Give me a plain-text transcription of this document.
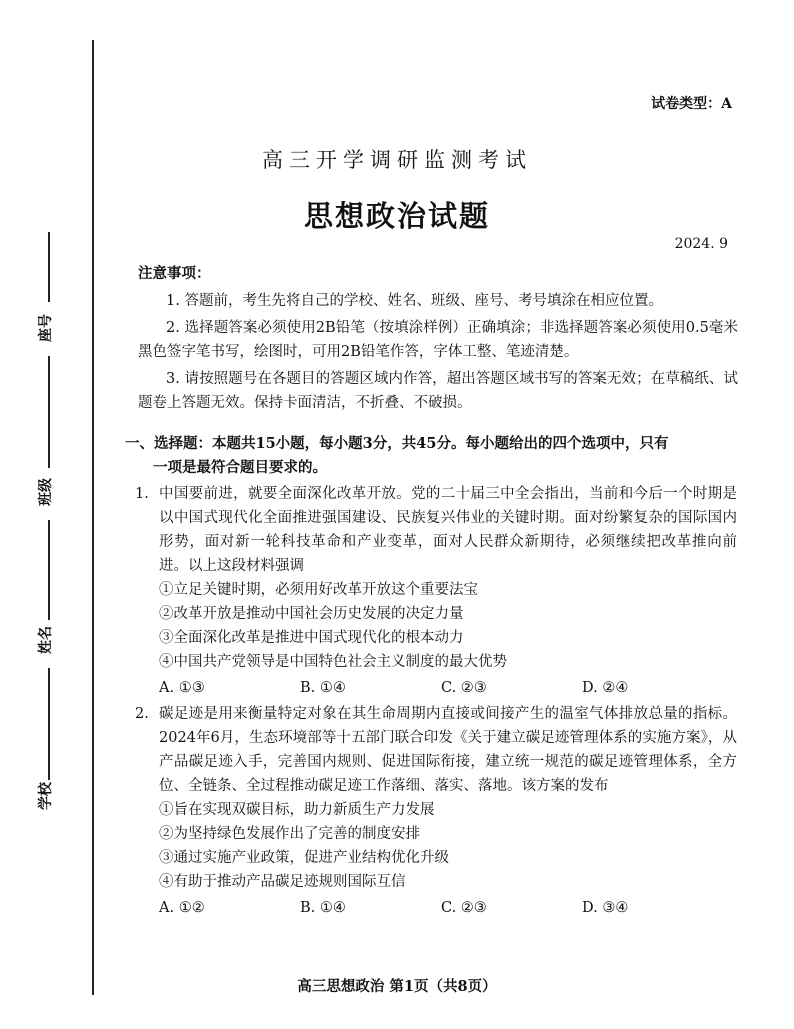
座号
班级
姓名
学校
试卷类型：A
高三开学调研监测考试
思想政治试题
2024. 9
注意事项：
1. 答题前，考生先将自己的学校、姓名、班级、座号、考号填涂在相应位置。
2. 选择题答案必须使用2B铅笔（按填涂样例）正确填涂；非选择题答案必须使用0.5毫米黑色签字笔书写，绘图时，可用2B铅笔作答，字体工整、笔迹清楚。
3. 请按照题号在各题目的答题区域内作答，超出答题区域书写的答案无效；在草稿纸、试题卷上答题无效。保持卡面清洁，不折叠、不破损。
一、选择题：本题共15小题，每小题3分，共45分。每小题给出的四个选项中，只有
一项是最符合题目要求的。
1. 中国要前进，就要全面深化改革开放。党的二十届三中全会指出，当前和今后一个时期是以中国式现代化全面推进强国建设、民族复兴伟业的关键时期。面对纷繁复杂的国际国内形势，面对新一轮科技革命和产业变革，面对人民群众新期待，必须继续把改革推向前进。以上这段材料强调
①立足关键时期，必须用好改革开放这个重要法宝
②改革开放是推动中国社会历史发展的决定力量
③全面深化改革是推进中国式现代化的根本动力
④中国共产党领导是中国特色社会主义制度的最大优势
A. ①③	B. ①④	C. ②③	D. ②④
2. 碳足迹是用来衡量特定对象在其生命周期内直接或间接产生的温室气体排放总量的指标。2024年6月，生态环境部等十五部门联合印发《关于建立碳足迹管理体系的实施方案》，从产品碳足迹入手，完善国内规则、促进国际衔接，建立统一规范的碳足迹管理体系，全方位、全链条、全过程推动碳足迹工作落细、落实、落地。该方案的发布
①旨在实现双碳目标，助力新质生产力发展
②为坚持绿色发展作出了完善的制度安排
③通过实施产业政策，促进产业结构优化升级
④有助于推动产品碳足迹规则国际互信
A. ①②	B. ①④	C. ②③	D. ③④
高三思想政治 第1页（共8页）
